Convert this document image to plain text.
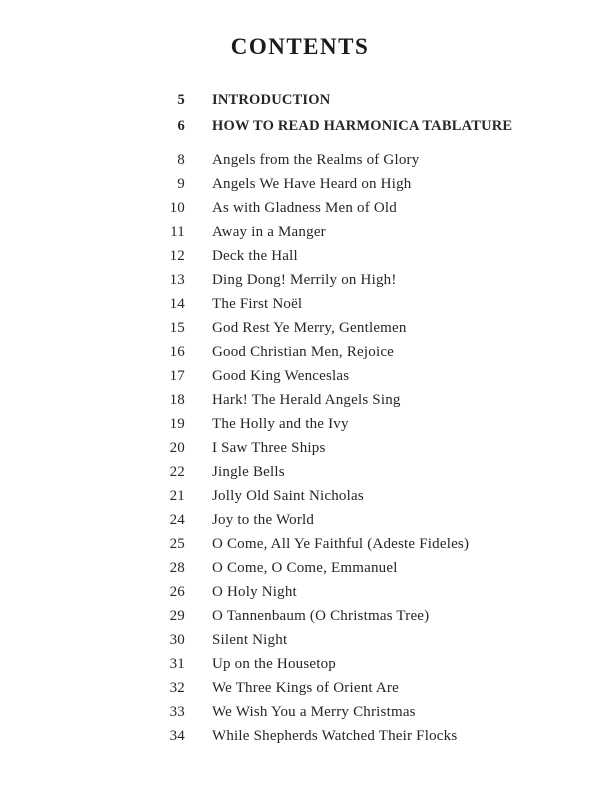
CONTENTS
5 INTRODUCTION
6 HOW TO READ HARMONICA TABLATURE
8 Angels from the Realms of Glory
9 Angels We Have Heard on High
10 As with Gladness Men of Old
11 Away in a Manger
12 Deck the Hall
13 Ding Dong! Merrily on High!
14 The First Noël
15 God Rest Ye Merry, Gentlemen
16 Good Christian Men, Rejoice
17 Good King Wenceslas
18 Hark! The Herald Angels Sing
19 The Holly and the Ivy
20 I Saw Three Ships
22 Jingle Bells
21 Jolly Old Saint Nicholas
24 Joy to the World
25 O Come, All Ye Faithful (Adeste Fideles)
28 O Come, O Come, Emmanuel
26 O Holy Night
29 O Tannenbaum (O Christmas Tree)
30 Silent Night
31 Up on the Housetop
32 We Three Kings of Orient Are
33 We Wish You a Merry Christmas
34 While Shepherds Watched Their Flocks
